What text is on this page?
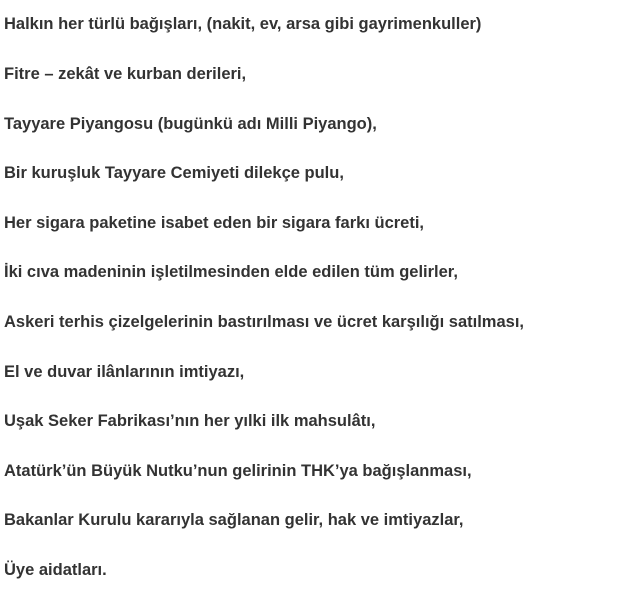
Halkın her türlü bağışları, (nakit, ev, arsa gibi gayrimenkuller)
Fitre – zekât ve kurban derileri,
Tayyare Piyangosu (bugünkü adı Milli Piyango),
Bir kuruşluk Tayyare Cemiyeti dilekçe pulu,
Her sigara paketine isabet eden bir sigara farkı ücreti,
İki cıva madeninin işletilmesinden elde edilen tüm gelirler,
Askeri terhis çizelgelerinin bastırılması ve ücret karşılığı satılması,
El ve duvar ilânlarının imtiyazı,
Uşak Seker Fabrikası’nın her yılki ilk mahsulâtı,
Atatürk’ün Büyük Nutku’nun gelirinin THK’ya bağışlanması,
Bakanlar Kurulu kararıyla sağlanan gelir, hak ve imtiyazlar,
Üye aidatları.
